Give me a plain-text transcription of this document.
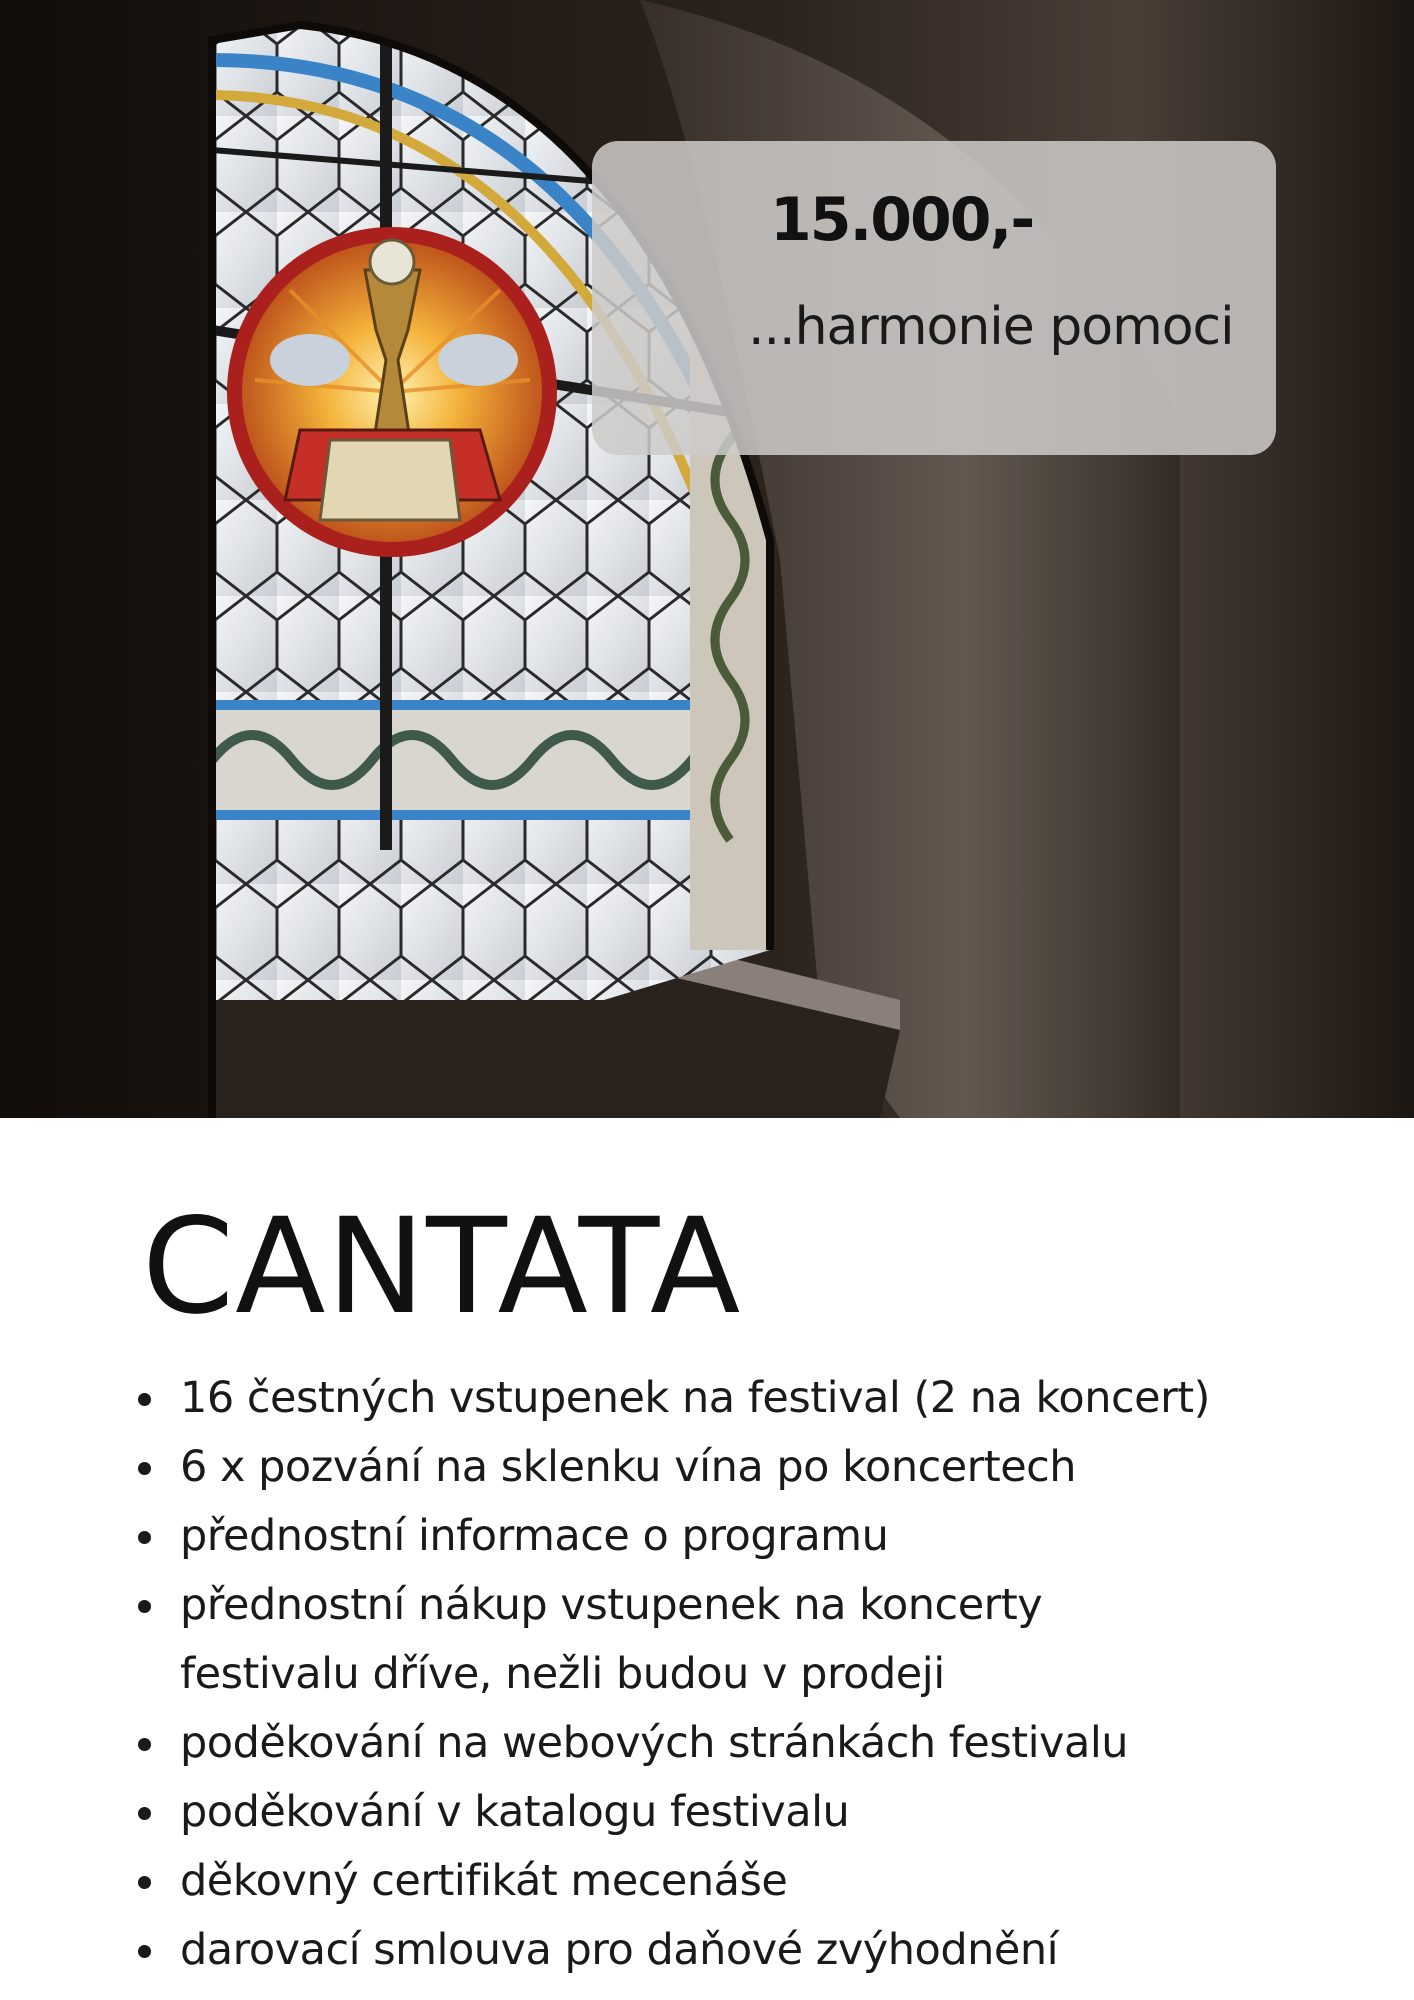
15.000,-
...harmonie pomoci
CANTATA
16 čestných vstupenek na festival (2 na koncert)
6 x pozvání na sklenku vína po koncertech
přednostní informace o programu
přednostní nákup vstupenek na koncerty
festivalu dříve, nežli budou v prodeji
poděkování na webových stránkách festivalu
poděkování v katalogu festivalu
děkovný certifikát mecenáše
darovací smlouva pro daňové zvýhodnění
